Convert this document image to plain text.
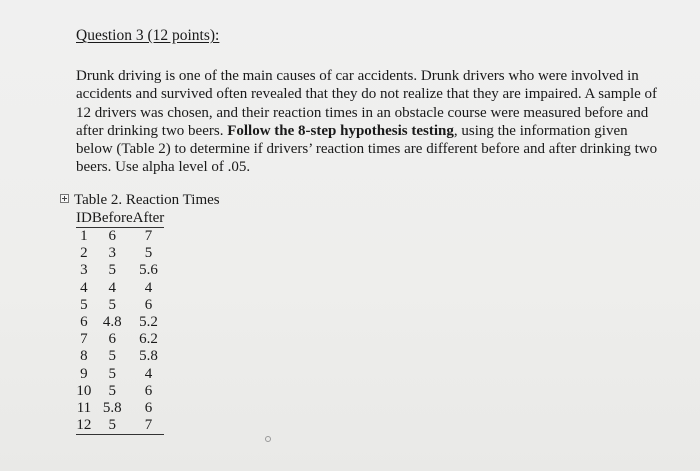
Question 3 (12 points):
Drunk driving is one of the main causes of car accidents. Drunk drivers who were involved in
accidents and survived often revealed that they do not realize that they are impaired. A sample of
12 drivers was chosen, and their reaction times in an obstacle course were measured before and
after drinking two beers. Follow the 8-step hypothesis testing, using the information given
below (Table 2) to determine if drivers’ reaction times are different before and after drinking two
beers. Use alpha level of .05.
Table 2. Reaction Times
ID	Before	After
1	6	7
2	3	5
3	5	5.6
4	4	4
5	5	6
6	4.8	5.2
7	6	6.2
8	5	5.8
9	5	4
10	5	6
11	5.8	6
12	5	7
